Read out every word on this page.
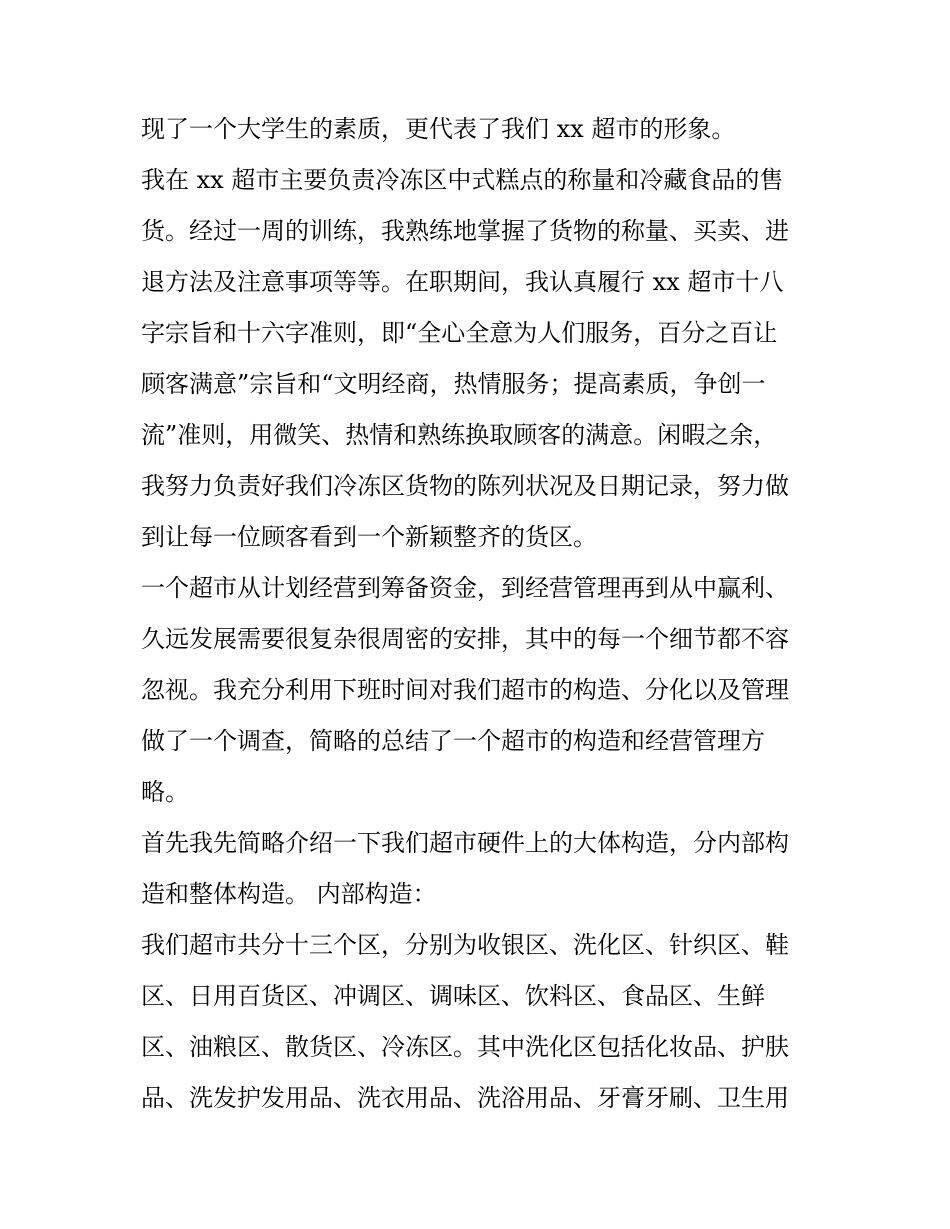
现了一个大学生的素质，更代表了我们 xx 超市的形象。
我在 xx 超市主要负责冷冻区中式糕点的称量和冷藏食品的售
货。经过一周的训练，我熟练地掌握了货物的称量、买卖、进
退方法及注意事项等等。在职期间，我认真履行 xx 超市十八
字宗旨和十六字准则，即“全心全意为人们服务，百分之百让
顾客满意”宗旨和“文明经商，热情服务；提高素质，争创一
流”准则，用微笑、热情和熟练换取顾客的满意。闲暇之余，
我努力负责好我们冷冻区货物的陈列状况及日期记录，努力做
到让每一位顾客看到一个新颖整齐的货区。
一个超市从计划经营到筹备资金，到经营管理再到从中赢利、
久远发展需要很复杂很周密的安排，其中的每一个细节都不容
忽视。我充分利用下班时间对我们超市的构造、分化以及管理
做了一个调查，简略的总结了一个超市的构造和经营管理方
略。
首先我先简略介绍一下我们超市硬件上的大体构造，分内部构
造和整体构造。 内部构造：
我们超市共分十三个区，分别为收银区、洗化区、针织区、鞋
区、日用百货区、冲调区、调味区、饮料区、食品区、生鲜
区、油粮区、散货区、冷冻区。其中洗化区包括化妆品、护肤
品、洗发护发用品、洗衣用品、洗浴用品、牙膏牙刷、卫生用
